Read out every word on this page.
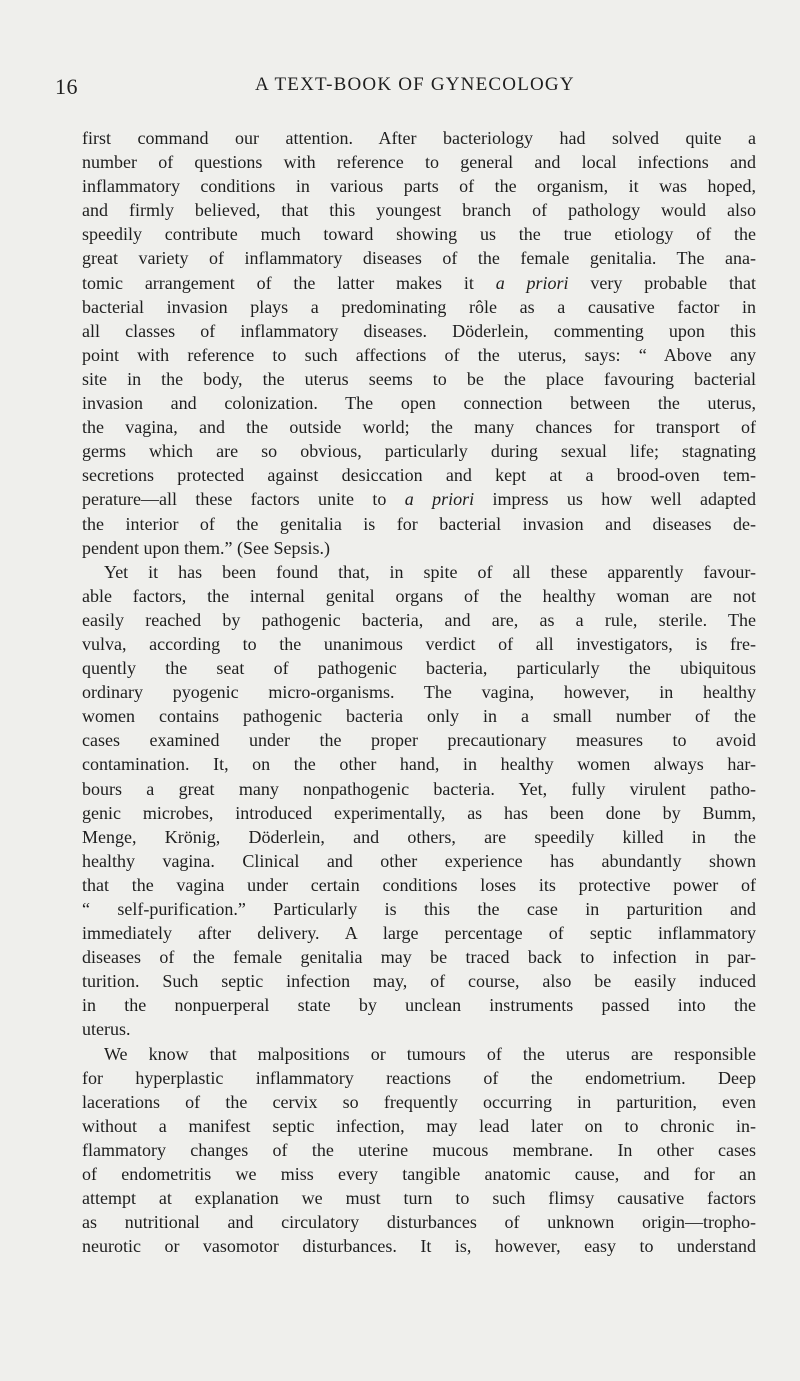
16	A TEXT-BOOK OF GYNECOLOGY
first command our attention. After bacteriology had solved quite a
number of questions with reference to general and local infections and
inflammatory conditions in various parts of the organism, it was hoped,
and firmly believed, that this youngest branch of pathology would also
speedily contribute much toward showing us the true etiology of the
great variety of inflammatory diseases of the female genitalia. The ana-
tomic arrangement of the latter makes it a priori very probable that
bacterial invasion plays a predominating rôle as a causative factor in
all classes of inflammatory diseases. Döderlein, commenting upon this
point with reference to such affections of the uterus, says: “ Above any
site in the body, the uterus seems to be the place favouring bacterial
invasion and colonization. The open connection between the uterus,
the vagina, and the outside world; the many chances for transport of
germs which are so obvious, particularly during sexual life; stagnating
secretions protected against desiccation and kept at a brood-oven tem-
perature—all these factors unite to a priori impress us how well adapted
the interior of the genitalia is for bacterial invasion and diseases de-
pendent upon them.” (See Sepsis.)
Yet it has been found that, in spite of all these apparently favour-
able factors, the internal genital organs of the healthy woman are not
easily reached by pathogenic bacteria, and are, as a rule, sterile. The
vulva, according to the unanimous verdict of all investigators, is fre-
quently the seat of pathogenic bacteria, particularly the ubiquitous
ordinary pyogenic micro-organisms. The vagina, however, in healthy
women contains pathogenic bacteria only in a small number of the
cases examined under the proper precautionary measures to avoid
contamination. It, on the other hand, in healthy women always har-
bours a great many nonpathogenic bacteria. Yet, fully virulent patho-
genic microbes, introduced experimentally, as has been done by Bumm,
Menge, Krönig, Döderlein, and others, are speedily killed in the
healthy vagina. Clinical and other experience has abundantly shown
that the vagina under certain conditions loses its protective power of
“ self-purification.” Particularly is this the case in parturition and
immediately after delivery. A large percentage of septic inflammatory
diseases of the female genitalia may be traced back to infection in par-
turition. Such septic infection may, of course, also be easily induced
in the nonpuerperal state by unclean instruments passed into the
uterus.
We know that malpositions or tumours of the uterus are responsible
for hyperplastic inflammatory reactions of the endometrium. Deep
lacerations of the cervix so frequently occurring in parturition, even
without a manifest septic infection, may lead later on to chronic in-
flammatory changes of the uterine mucous membrane. In other cases
of endometritis we miss every tangible anatomic cause, and for an
attempt at explanation we must turn to such flimsy causative factors
as nutritional and circulatory disturbances of unknown origin—tropho-
neurotic or vasomotor disturbances. It is, however, easy to understand
